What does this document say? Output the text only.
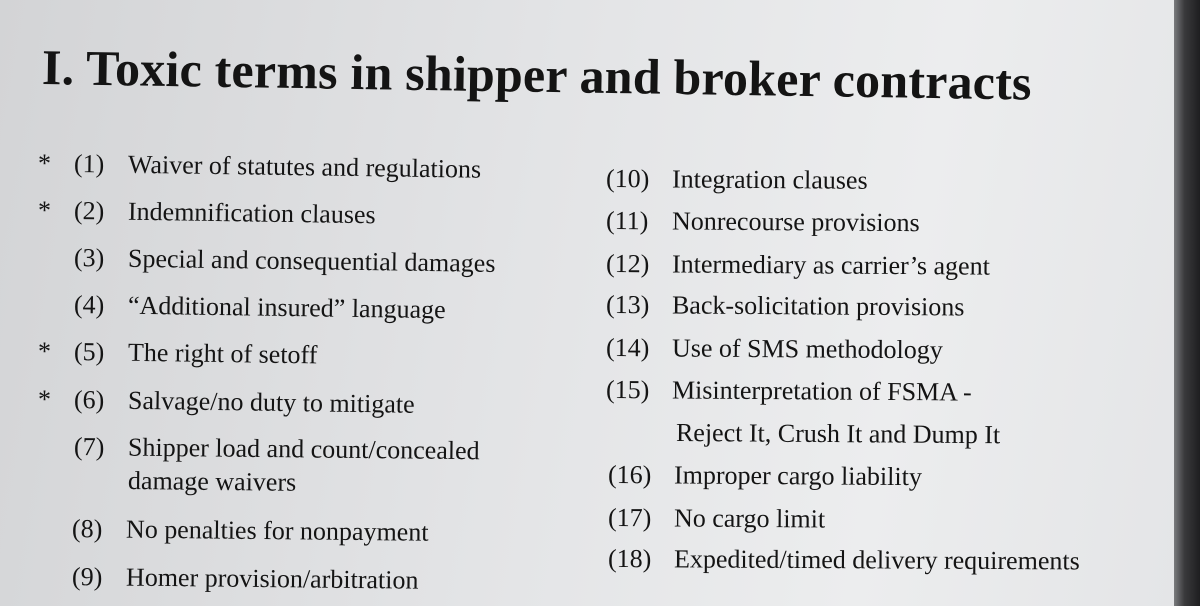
I. Toxic terms in shipper and broker contracts
* (1) Waiver of statutes and regulations
* (2) Indemnification clauses
(3) Special and consequential damages
(4) “Additional insured” language
* (5) The right of setoff
* (6) Salvage/no duty to mitigate
(7) Shipper load and count/concealed
damage waivers
(8) No penalties for nonpayment
(9) Homer provision/arbitration
(10) Integration clauses
(11) Nonrecourse provisions
(12) Intermediary as carrier’s agent
(13) Back-solicitation provisions
(14) Use of SMS methodology
(15) Misinterpretation of FSMA -
Reject It, Crush It and Dump It
(16) Improper cargo liability
(17) No cargo limit
(18) Expedited/timed delivery requirements
